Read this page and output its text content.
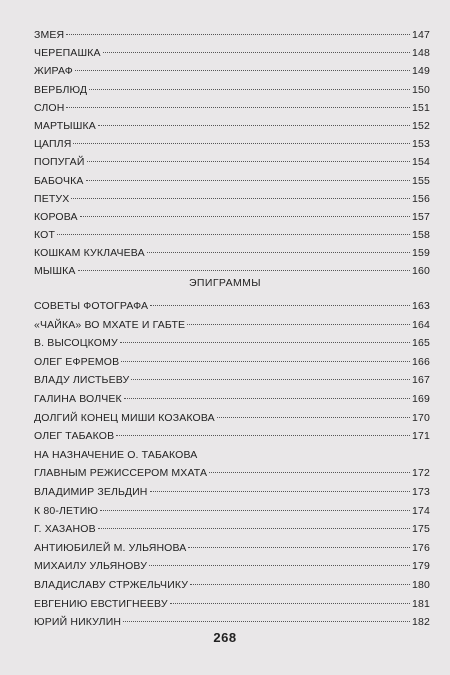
ЗМЕЯ	147
ЧЕРЕПАШКА	148
ЖИРАФ	149
ВЕРБЛЮД	150
СЛОН	151
МАРТЫШКА	152
ЦАПЛЯ	153
ПОПУГАЙ	154
БАБОЧКА	155
ПЕТУХ	156
КОРОВА	157
КОТ	158
КОШКАМ КУКЛАЧЕВА	159
МЫШКА	160
ЭПИГРАММЫ
СОВЕТЫ ФОТОГРАФА	163
«ЧАЙКА» ВО МХАТЕ И ГАБТЕ	164
В. ВЫСОЦКОМУ	165
ОЛЕГ ЕФРЕМОВ	166
ВЛАДУ ЛИСТЬЕВУ	167
ГАЛИНА ВОЛЧЕК	169
ДОЛГИЙ КОНЕЦ МИШИ КОЗАКОВА	170
ОЛЕГ ТАБАКОВ	171
НА НАЗНАЧЕНИЕ О. ТАБАКОВА
ГЛАВНЫМ РЕЖИССЕРОМ МХАТА	172
ВЛАДИМИР ЗЕЛЬДИН	173
К 80-ЛЕТИЮ	174
Г. ХАЗАНОВ	175
АНТИЮБИЛЕЙ М. УЛЬЯНОВА	176
МИХАИЛУ УЛЬЯНОВУ	179
ВЛАДИСЛАВУ СТРЖЕЛЬЧИКУ	180
ЕВГЕНИЮ ЕВСТИГНЕЕВУ	181
ЮРИЙ НИКУЛИН	182
268
